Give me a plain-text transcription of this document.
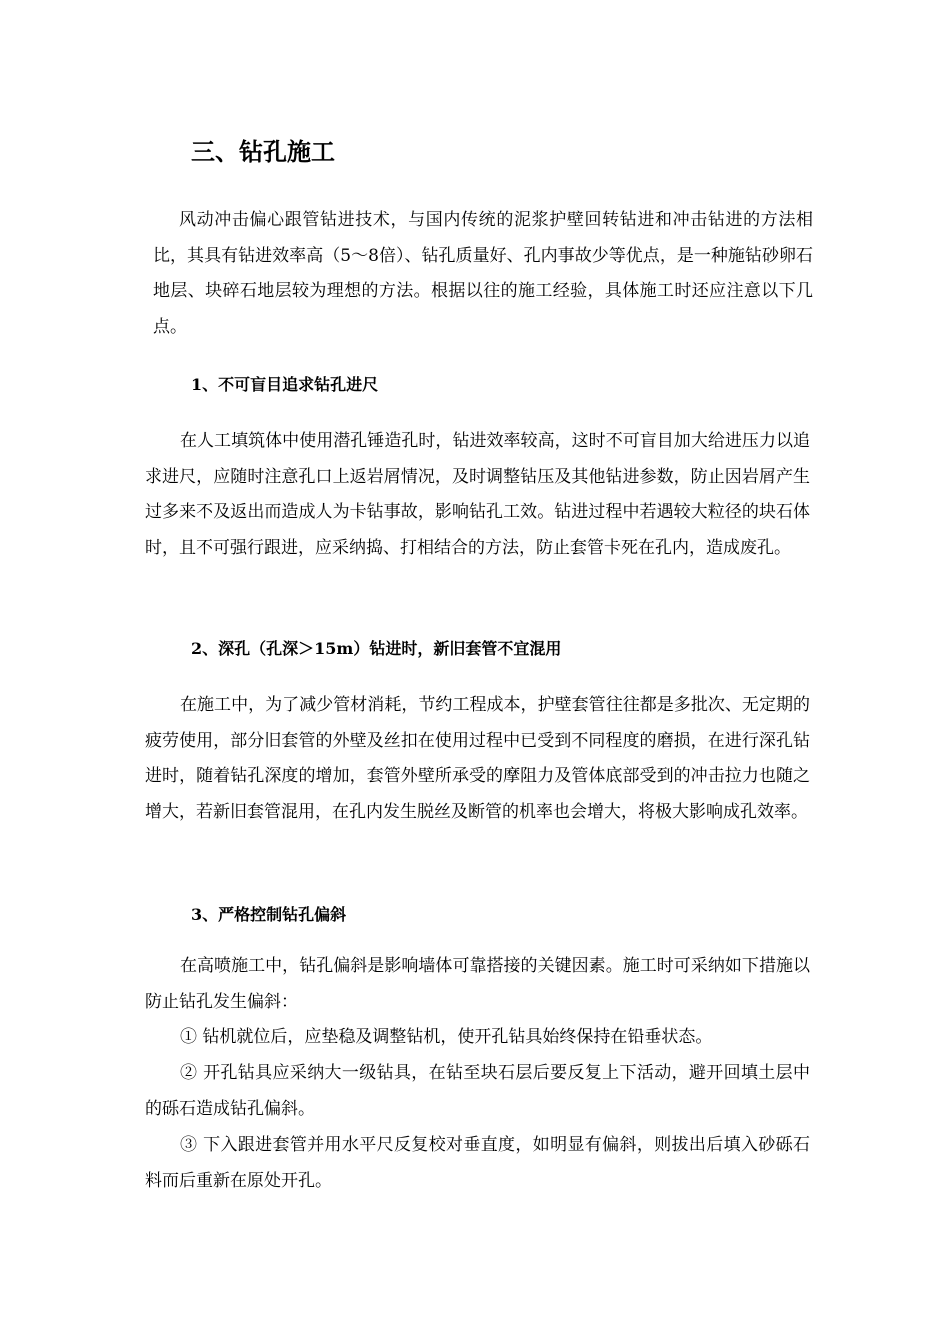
三、钻孔施工

风动冲击偏心跟管钻进技术，与国内传统的泥浆护壁回转钻进和冲击钻进的方法相比，其具有钻进效率高（5～8倍）、钻孔质量好、孔内事故少等优点，是一种施钻砂卵石地层、块碎石地层较为理想的方法。根据以往的施工经验，具体施工时还应注意以下几点。

1、不可盲目追求钻孔进尺

在人工填筑体中使用潜孔锤造孔时，钻进效率较高，这时不可盲目加大给进压力以追求进尺，应随时注意孔口上返岩屑情况，及时调整钻压及其他钻进参数，防止因岩屑产生过多来不及返出而造成人为卡钻事故，影响钻孔工效。钻进过程中若遇较大粒径的块石体时，且不可强行跟进，应采纳捣、打相结合的方法，防止套管卡死在孔内，造成废孔。

2、深孔（孔深＞15m）钻进时，新旧套管不宜混用

在施工中，为了减少管材消耗，节约工程成本，护壁套管往往都是多批次、无定期的疲劳使用，部分旧套管的外壁及丝扣在使用过程中已受到不同程度的磨损，在进行深孔钻进时，随着钻孔深度的增加，套管外壁所承受的摩阻力及管体底部受到的冲击拉力也随之增大，若新旧套管混用，在孔内发生脱丝及断管的机率也会增大，将极大影响成孔效率。

3、严格控制钻孔偏斜

在高喷施工中，钻孔偏斜是影响墙体可靠搭接的关键因素。施工时可采纳如下措施以防止钻孔发生偏斜：

① 钻机就位后，应垫稳及调整钻机，使开孔钻具始终保持在铅垂状态。

② 开孔钻具应采纳大一级钻具，在钻至块石层后要反复上下活动，避开回填土层中的砾石造成钻孔偏斜。

③ 下入跟进套管并用水平尺反复校对垂直度，如明显有偏斜，则拔出后填入砂砾石料而后重新在原处开孔。
